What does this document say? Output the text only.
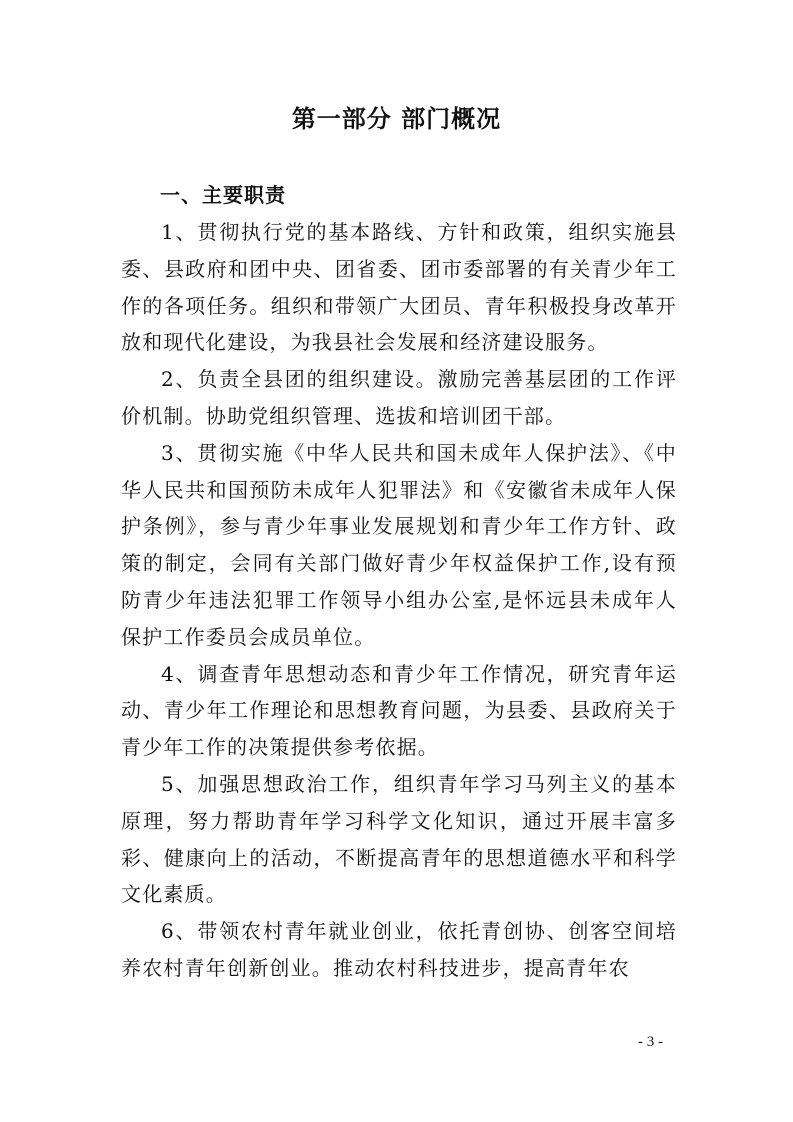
第一部分 部门概况
一、主要职责

1、贯彻执行党的基本路线、方针和政策，组织实施县委、县政府和团中央、团省委、团市委部署的有关青少年工作的各项任务。组织和带领广大团员、青年积极投身改革开放和现代化建设，为我县社会发展和经济建设服务。

2、负责全县团的组织建设。激励完善基层团的工作评价机制。协助党组织管理、选拔和培训团干部。

3、贯彻实施《中华人民共和国未成年人保护法》、《中华人民共和国预防未成年人犯罪法》和《安徽省未成年人保护条例》，参与青少年事业发展规划和青少年工作方针、政策的制定，会同有关部门做好青少年权益保护工作,设有预防青少年违法犯罪工作领导小组办公室,是怀远县未成年人保护工作委员会成员单位。

4、调查青年思想动态和青少年工作情况，研究青年运动、青少年工作理论和思想教育问题，为县委、县政府关于青少年工作的决策提供参考依据。

5、加强思想政治工作，组织青年学习马列主义的基本原理，努力帮助青年学习科学文化知识，通过开展丰富多彩、健康向上的活动，不断提高青年的思想道德水平和科学文化素质。

6、带领农村青年就业创业，依托青创协、创客空间培养农村青年创新创业。推动农村科技进步，提高青年农

- 3 -
